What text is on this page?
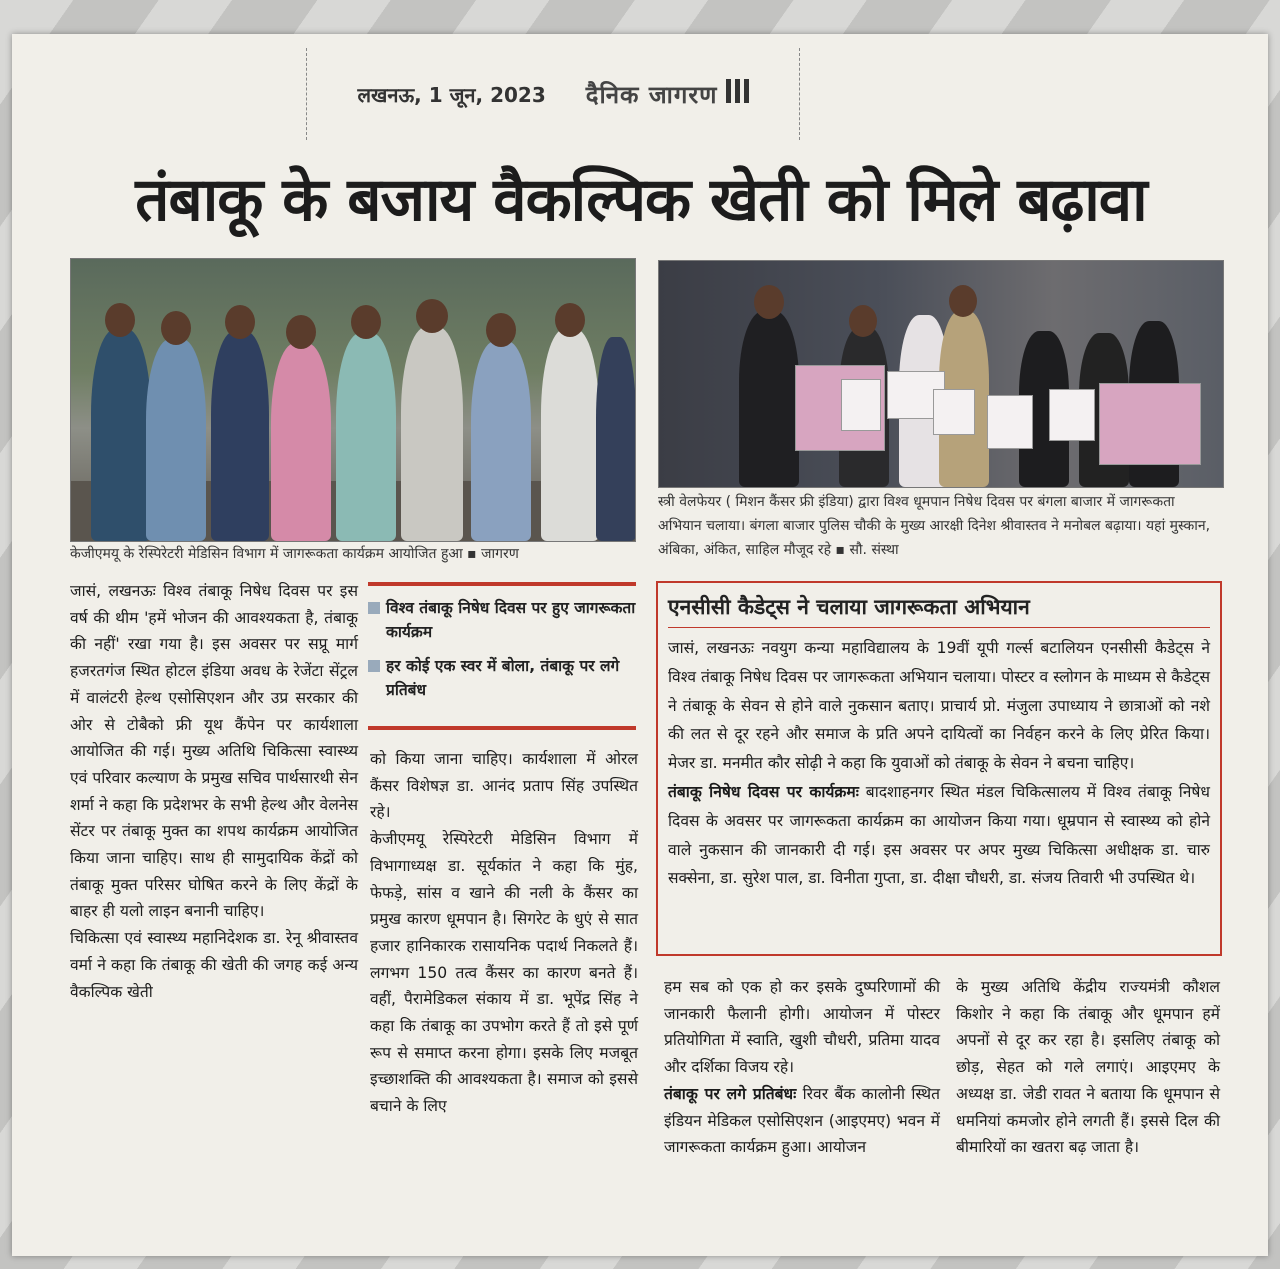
लखनऊ, 1 जून, 2023 दैनिक जागरण
तंबाकू के बजाय वैकल्पिक खेती को मिले बढ़ावा
केजीएमयू के रेस्पिरेटरी मेडिसिन विभाग में जागरूकता कार्यक्रम आयोजित हुआ ▪ जागरण
स्त्री वेलफेयर ( मिशन कैंसर फ्री इंडिया) द्वारा विश्व धूमपान निषेध दिवस पर बंगला बाजार में जागरूकता अभियान चलाया। बंगला बाजार पुलिस चौकी के मुख्य आरक्षी दिनेश श्रीवास्तव ने मनोबल बढ़ाया। यहां मुस्कान, अंबिका, अंकित, साहिल मौजूद रहे ▪ सौ. संस्था

जासं, लखनऊः विश्व तंबाकू निषेध दिवस पर इस वर्ष की थीम 'हमें भोजन की आवश्यकता है, तंबाकू की नहीं' रखा गया है। इस अवसर पर सप्रू मार्ग हजरतगंज स्थित होटल इंडिया अवध के रेजेंटा सेंट्रल में वालंटरी हेल्थ एसोसिएशन और उप्र सरकार की ओर से टोबैको फ्री यूथ कैंपेन पर कार्यशाला आयोजित की गई। मुख्य अतिथि चिकित्सा स्वास्थ्य एवं परिवार कल्याण के प्रमुख सचिव पार्थसारथी सेन शर्मा ने कहा कि प्रदेशभर के सभी हेल्थ और वेलनेस सेंटर पर तंबाकू मुक्त का शपथ कार्यक्रम आयोजित किया जाना चाहिए। साथ ही सामुदायिक केंद्रों को तंबाकू मुक्त परिसर घोषित करने के लिए केंद्रों के बाहर ही यलो लाइन बनानी चाहिए।

चिकित्सा एवं स्वास्थ्य महानिदेशक डा. रेनू श्रीवास्तव वर्मा ने कहा कि तंबाकू की खेती की जगह कई अन्य वैकल्पिक खेती

विश्व तंबाकू निषेध दिवस पर हुए जागरूकता कार्यक्रम
हर कोई एक स्वर में बोला, तंबाकू पर लगे प्रतिबंध

को किया जाना चाहिए। कार्यशाला में ओरल कैंसर विशेषज्ञ डा. आनंद प्रताप सिंह उपस्थित रहे।

केजीएमयू रेस्पिरेटरी मेडिसिन विभाग में विभागाध्यक्ष डा. सूर्यकांत ने कहा कि मुंह, फेफड़े, सांस व खाने की नली के कैंसर का प्रमुख कारण धूमपान है। सिगरेट के धुएं से सात हजार हानिकारक रासायनिक पदार्थ निकलते हैं। लगभग 150 तत्व कैंसर का कारण बनते हैं। वहीं, पैरामेडिकल संकाय में डा. भूपेंद्र सिंह ने कहा कि तंबाकू का उपभोग करते हैं तो इसे पूर्ण रूप से समाप्त करना होगा। इसके लिए मजबूत इच्छाशक्ति की आवश्यकता है। समाज को इससे बचाने के लिए

एनसीसी कैडेट्स ने चलाया जागरूकता अभियान

जासं, लखनऊः नवयुग कन्या महाविद्यालय के 19वीं यूपी गर्ल्स बटालियन एनसीसी कैडेट्स ने विश्व तंबाकू निषेध दिवस पर जागरूकता अभियान चलाया। पोस्टर व स्लोगन के माध्यम से कैडेट्स ने तंबाकू के सेवन से होने वाले नुकसान बताए। प्राचार्य प्रो. मंजुला उपाध्याय ने छात्राओं को नशे की लत से दूर रहने और समाज के प्रति अपने दायित्वों का निर्वहन करने के लिए प्रेरित किया। मेजर डा. मनमीत कौर सोढ़ी ने कहा कि युवाओं को तंबाकू के सेवन ने बचना चाहिए।

तंबाकू निषेध दिवस पर कार्यक्रमः बादशाहनगर स्थित मंडल चिकित्सालय में विश्व तंबाकू निषेध दिवस के अवसर पर जागरूकता कार्यक्रम का आयोजन किया गया। धूम्रपान से स्वास्थ्य को होने वाले नुकसान की जानकारी दी गई। इस अवसर पर अपर मुख्य चिकित्सा अधीक्षक डा. चारु सक्सेना, डा. सुरेश पाल, डा. विनीता गुप्ता, डा. दीक्षा चौधरी, डा. संजय तिवारी भी उपस्थित थे।

हम सब को एक हो कर इसके दुष्परिणामों की जानकारी फैलानी होगी। आयोजन में पोस्टर प्रतियोगिता में स्वाति, खुशी चौधरी, प्रतिमा यादव और दर्शिका विजय रहे।

तंबाकू पर लगे प्रतिबंधः रिवर बैंक कालोनी स्थित इंडियन मेडिकल एसोसिएशन (आइएमए) भवन में जागरूकता कार्यक्रम हुआ। आयोजन

के मुख्य अतिथि केंद्रीय राज्यमंत्री कौशल किशोर ने कहा कि तंबाकू और धूमपान हमें अपनों से दूर कर रहा है। इसलिए तंबाकू को छोड़, सेहत को गले लगाएं। आइएमए के अध्यक्ष डा. जेडी रावत ने बताया कि धूमपान से धमनियां कमजोर होने लगती हैं। इससे दिल की बीमारियों का खतरा बढ़ जाता है।
